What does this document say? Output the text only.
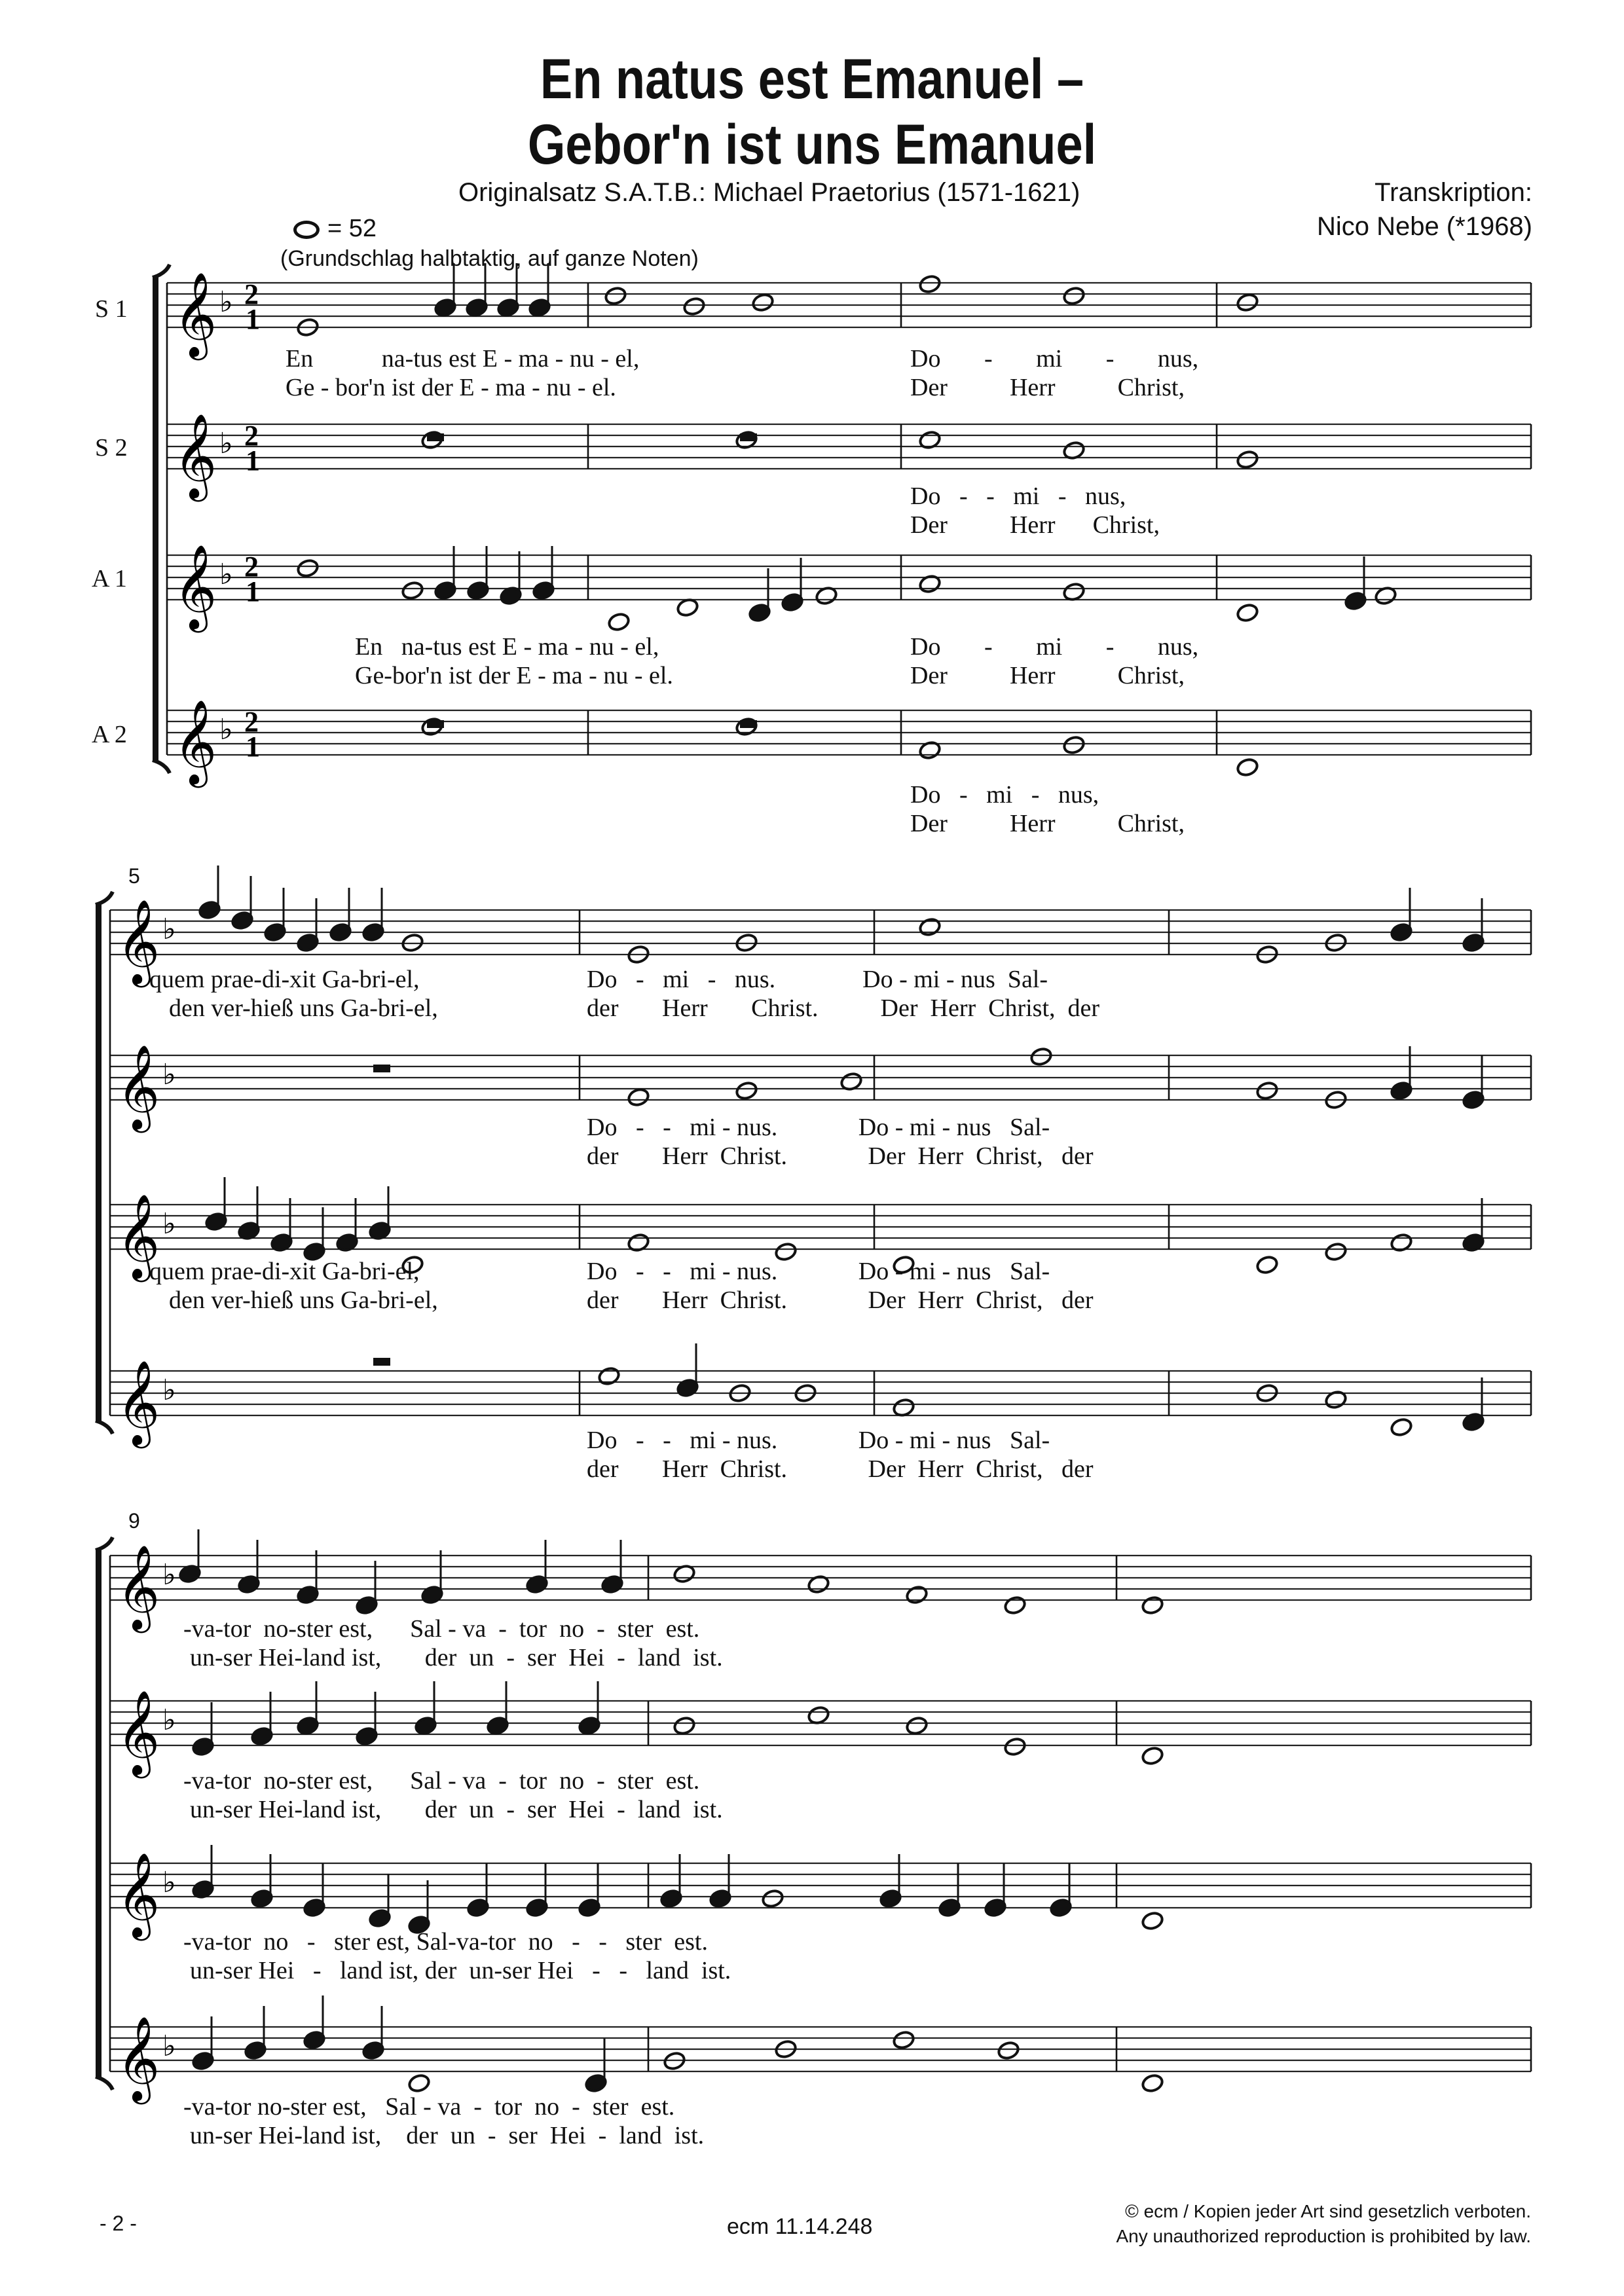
En natus est Emanuel –
Gebor'n ist uns Emanuel
Originalsatz S.A.T.B.: Michael Praetorius (1571-1621)	Transkription:
Nico Nebe (*1968)
= 52
(Grundschlag halbtaktig, auf ganze Noten)
S 1
S 2
A 1
A 2
5
9
𝄞 ♭ 2
1
𝄞 ♭ 2
1
𝄞 ♭ 2
1
𝄞 ♭ 2
1
𝄞 ♭
𝄞 ♭
𝄞 ♭
𝄞 ♭
𝄞 ♭
𝄞 ♭
𝄞 ♭
𝄞 ♭
En           na-tus est E - ma - nu - el,
Ge - bor'n ist der E - ma - nu - el.
Do       -       mi       -       nus,
Der          Herr          Christ,
Do   -   -   mi   -   nus,
Der          Herr      Christ,
En   na-tus est E - ma - nu - el,
Ge-bor'n ist der E - ma - nu - el.
Do       -       mi       -       nus,
Der          Herr          Christ,
Do   -   mi   -   nus,
Der          Herr          Christ,
quem prae-di-xit Ga-bri-el,
den ver-hieß uns Ga-bri-el,
Do   -   mi   -   nus.              Do - mi - nus  Sal-
der       Herr       Christ.          Der  Herr  Christ,  der
Do   -   -   mi - nus.             Do - mi - nus   Sal-
der       Herr  Christ.             Der  Herr  Christ,   der
quem prae-di-xit Ga-bri-el,
den ver-hieß uns Ga-bri-el,
Do   -   -   mi - nus.             Do - mi - nus   Sal-
der       Herr  Christ.             Der  Herr  Christ,   der
Do   -   -   mi - nus.             Do - mi - nus   Sal-
der       Herr  Christ.             Der  Herr  Christ,   der
-va-tor  no-ster est,      Sal - va  -  tor  no  -  ster  est.
un-ser Hei-land ist,       der  un  -  ser  Hei  -  land  ist.
-va-tor  no-ster est,      Sal - va  -  tor  no  -  ster  est.
un-ser Hei-land ist,       der  un  -  ser  Hei  -  land  ist.
-va-tor  no   -   ster est, Sal-va-tor  no   -   -   ster  est.
un-ser Hei   -   land ist, der  un-ser Hei   -   -   land  ist.
-va-tor no-ster est,   Sal - va  -  tor  no  -  ster  est.
un-ser Hei-land ist,    der  un  -  ser  Hei  -  land  ist.
- 2 -	ecm 11.14.248
© ecm / Kopien jeder Art sind gesetzlich verboten.
Any unauthorized reproduction is prohibited by law.
